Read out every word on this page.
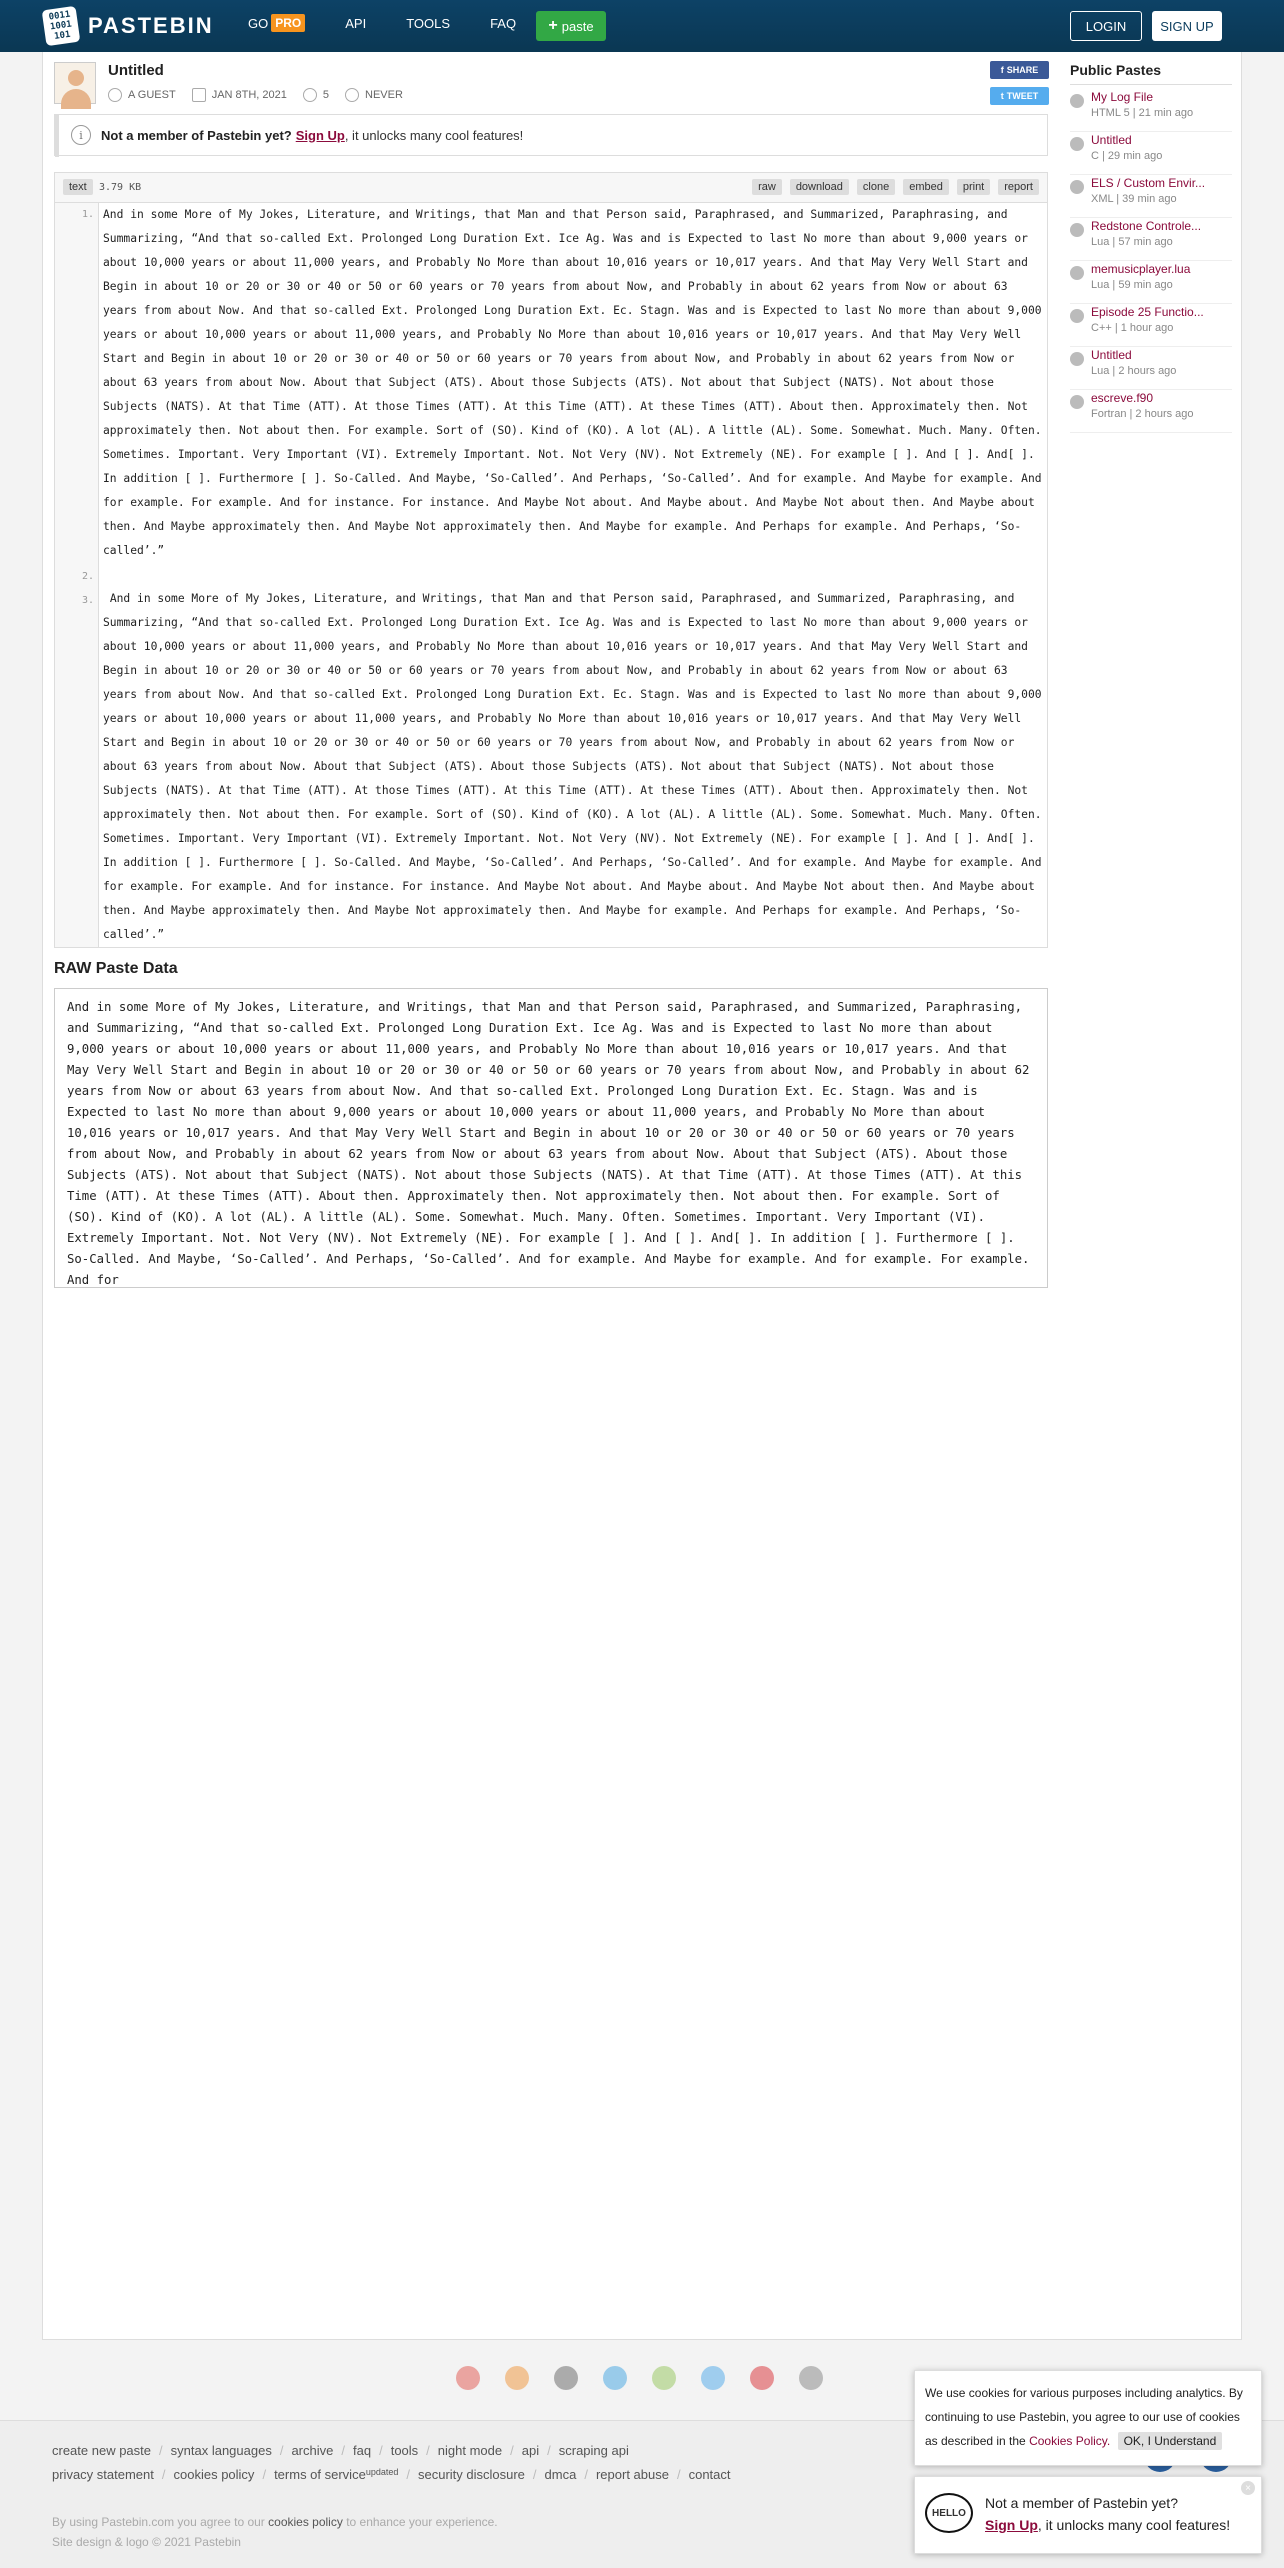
0011
1001
101 PASTEBIN	GO PRO	API	TOOLS	FAQ + paste	LOGIN	SIGN UP
Untitled
A GUEST	JAN 8TH, 2021	5	NEVER
f SHARE
t TWEET
i	Not a member of Pastebin yet? Sign Up , it unlocks many cool features!
text	3.79 KB	raw	download	clone	embed	print	report
1.
2.
3.
And in some More of My Jokes, Literature, and Writings, that Man and that Person said, Paraphrased, and Summarized, Paraphrasing, and Summarizing, “And that so-called Ext. Prolonged Long Duration Ext. Ice Ag. Was and is Expected to last No more than about 9,000 years or about 10,000 years or about 11,000 years, and Probably No More than about 10,016 years or 10,017 years. And that May Very Well Start and Begin in about 10 or 20 or 30 or 40 or 50 or 60 years or 70 years from about Now, and Probably in about 62 years from Now or about 63 years from about Now. And that so-called Ext. Prolonged Long Duration Ext. Ec. Stagn. Was and is Expected to last No more than about 9,000 years or about 10,000 years or about 11,000 years, and Probably No More than about 10,016 years or 10,017 years. And that May Very Well Start and Begin in about 10 or 20 or 30 or 40 or 50 or 60 years or 70 years from about Now, and Probably in about 62 years from Now or about 63 years from about Now. About that Subject (ATS). About those Subjects (ATS). Not about that Subject (NATS). Not about those Subjects (NATS). At that Time (ATT). At those Times (ATT). At this Time (ATT). At these Times (ATT). About then. Approximately then. Not approximately then. Not about then. For example. Sort of (SO). Kind of (KO). A lot (AL). A little (AL). Some. Somewhat. Much. Many. Often. Sometimes. Important. Very Important (VI). Extremely Important. Not. Not Very (NV). Not Extremely (NE). For example [ ]. And [ ]. And[ ]. In addition [ ]. Furthermore [ ]. So-Called. And Maybe, ‘So-Called’. And Perhaps, ‘So-Called’. And for example. And Maybe for example. And for example. For example. And for instance. For instance. And Maybe Not about. And Maybe about. And Maybe Not about then. And Maybe about then. And Maybe approximately then. And Maybe Not approximately then. And Maybe for example. And Perhaps for example. And Perhaps, ‘So-called’.”
And in some More of My Jokes, Literature, and Writings, that Man and that Person said, Paraphrased, and Summarized, Paraphrasing, and Summarizing, “And that so-called Ext. Prolonged Long Duration Ext. Ice Ag. Was and is Expected to last No more than about 9,000 years or about 10,000 years or about 11,000 years, and Probably No More than about 10,016 years or 10,017 years. And that May Very Well Start and Begin in about 10 or 20 or 30 or 40 or 50 or 60 years or 70 years from about Now, and Probably in about 62 years from Now or about 63 years from about Now. And that so-called Ext. Prolonged Long Duration Ext. Ec. Stagn. Was and is Expected to last No more than about 9,000 years or about 10,000 years or about 11,000 years, and Probably No More than about 10,016 years or 10,017 years. And that May Very Well Start and Begin in about 10 or 20 or 30 or 40 or 50 or 60 years or 70 years from about Now, and Probably in about 62 years from Now or about 63 years from about Now. About that Subject (ATS). About those Subjects (ATS). Not about that Subject (NATS). Not about those Subjects (NATS). At that Time (ATT). At those Times (ATT). At this Time (ATT). At these Times (ATT). About then. Approximately then. Not approximately then. Not about then. For example. Sort of (SO). Kind of (KO). A lot (AL). A little (AL). Some. Somewhat. Much. Many. Often. Sometimes. Important. Very Important (VI). Extremely Important. Not. Not Very (NV). Not Extremely (NE). For example [ ]. And [ ]. And[ ]. In addition [ ]. Furthermore [ ]. So-Called. And Maybe, ‘So-Called’. And Perhaps, ‘So-Called’. And for example. And Maybe for example. And for example. For example. And for instance. For instance. And Maybe Not about. And Maybe about. And Maybe Not about then. And Maybe about then. And Maybe approximately then. And Maybe Not approximately then. And Maybe for example. And Perhaps for example. And Perhaps, ‘So-called’.”
RAW Paste Data
And in some More of My Jokes, Literature, and Writings, that Man and that Person said, Paraphrased, and Summarized, Paraphrasing, and Summarizing, “And that so-called Ext. Prolonged Long Duration Ext. Ice Ag. Was and is Expected to last No more than about 9,000 years or about 10,000 years or about 11,000 years, and Probably No More than about 10,016 years or 10,017 years. And that May Very Well Start and Begin in about 10 or 20 or 30 or 40 or 50 or 60 years or 70 years from about Now, and Probably in about 62 years from Now or about 63 years from about Now. And that so-called Ext. Prolonged Long Duration Ext. Ec. Stagn. Was and is Expected to last No more than about 9,000 years or about 10,000 years or about 11,000 years, and Probably No More than about 10,016 years or 10,017 years. And that May Very Well Start and Begin in about 10 or 20 or 30 or 40 or 50 or 60 years or 70 years from about Now, and Probably in about 62 years from Now or about 63 years from about Now. About that Subject (ATS). About those Subjects (ATS). Not about that Subject (NATS). Not about those Subjects (NATS). At that Time (ATT). At those Times (ATT). At this Time (ATT). At these Times (ATT). About then. Approximately then. Not approximately then. Not about then. For example. Sort of (SO). Kind of (KO). A lot (AL). A little (AL). Some. Somewhat. Much. Many. Often. Sometimes. Important. Very Important (VI). Extremely Important. Not. Not Very (NV). Not Extremely (NE). For example [ ]. And [ ]. And[ ]. In addition [ ]. Furthermore [ ]. So-Called. And Maybe, ‘So-Called’. And Perhaps, ‘So-Called’. And for example. And Maybe for example. And for example. For example. And for
Public Pastes
My Log File
HTML 5 | 21 min ago
Untitled
C | 29 min ago
ELS / Custom Envir...
XML | 39 min ago
Redstone Controle...
Lua | 57 min ago
memusicplayer.lua
Lua | 59 min ago
Episode 25 Functio...
C++ | 1 hour ago
Untitled
Lua | 2 hours ago
escreve.f90
Fortran | 2 hours ago
create new paste / syntax languages / archive / faq / tools / night mode / api / scraping api
privacy statement / cookies policy / terms of service updated / security disclosure / dmca / report abuse / contact
By using Pastebin.com you agree to our cookies policy to enhance your experience.
Site design & logo © 2021 Pastebin
We use cookies for various purposes including analytics. By
continuing to use Pastebin, you agree to our use of cookies
as described in the Cookies Policy. OK, I Understand
HELLO
Not a member of Pastebin yet?
Sign Up, it unlocks many cool features!
×
